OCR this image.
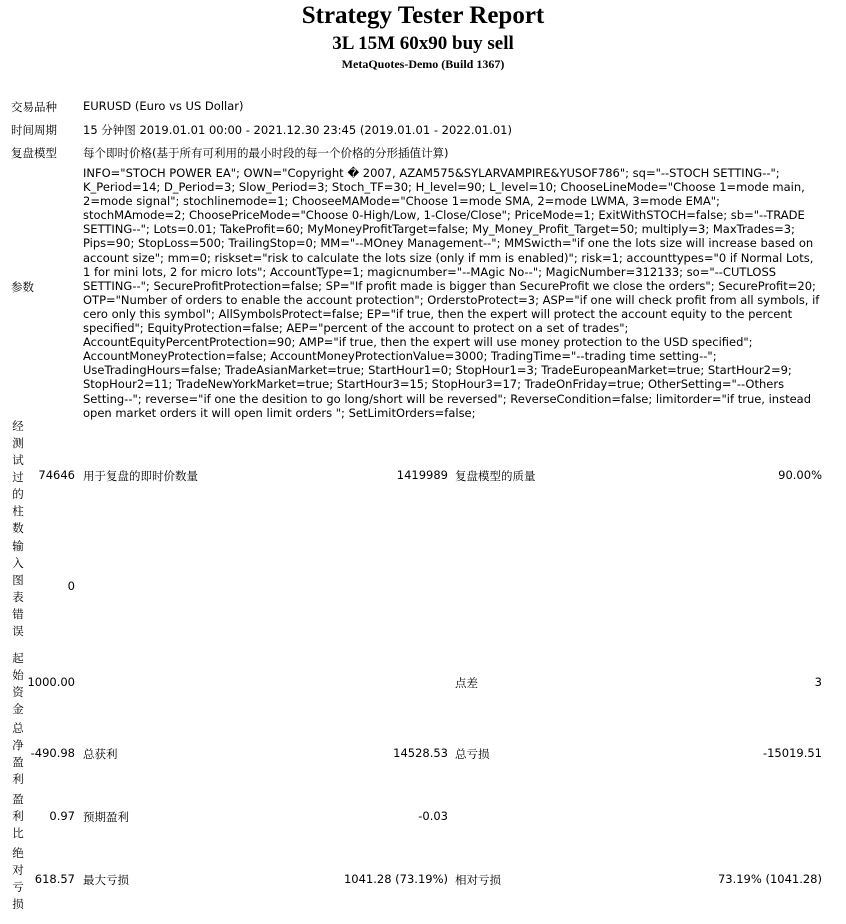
Strategy Tester Report
3L 15M 60x90 buy sell
MetaQuotes-Demo (Build 1367)
交易品种 EURUSD (Euro vs US Dollar)
时间周期 15 分钟图 2019.01.01 00:00 - 2021.12.30 23:45 (2019.01.01 - 2022.01.01)
复盘模型 每个即时价格(基于所有可利用的最小时段的每一个价格的分形插值计算)
参数
INFO="STOCH POWER EA"; OWN="Copyright � 2007, AZAM575&SYLARVAMPIRE&YUSOF786"; sq="--STOCH SETTING--"; K_Period=14; D_Period=3; Slow_Period=3; Stoch_TF=30; H_level=90; L_level=10; ChooseLineMode="Choose 1=mode main, 2=mode signal"; stochlinemode=1; ChooseeMAMode="Choose 1=mode SMA, 2=mode LWMA, 3=mode EMA"; stochMAmode=2; ChoosePriceMode="Choose 0-High/Low, 1-Close/Close"; PriceMode=1; ExitWithSTOCH=false; sb="--TRADE SETTING--"; Lots=0.01; TakeProfit=60; MyMoneyProfitTarget=false; My_Money_Profit_Target=50; multiply=3; MaxTrades=3; Pips=90; StopLoss=500; TrailingStop=0; MM="--MOney Management--"; MMSwicth="if one the lots size will increase based on account size"; mm=0; riskset="risk to calculate the lots size (only if mm is enabled)"; risk=1; accounttypes="0 if Normal Lots, 1 for mini lots, 2 for micro lots"; AccountType=1; magicnumber="--MAgic No--"; MagicNumber=312133; so="--CUTLOSS SETTING--"; SecureProfitProtection=false; SP="If profit made is bigger than SecureProfit we close the orders"; SecureProfit=20; OTP="Number of orders to enable the account protection"; OrderstoProtect=3; ASP="if one will check profit from all symbols, if cero only this symbol"; AllSymbolsProtect=false; EP="if true, then the expert will protect the account equity to the percent specified"; EquityProtection=false; AEP="percent of the account to protect on a set of trades"; AccountEquityPercentProtection=90; AMP="if true, then the expert will use money protection to the USD specified"; AccountMoneyProtection=false; AccountMoneyProtectionValue=3000; TradingTime="--trading time setting--"; UseTradingHours=false; TradeAsianMarket=true; StartHour1=0; StopHour1=3; TradeEuropeanMarket=true; StartHour2=9; StopHour2=11; TradeNewYorkMarket=true; StartHour3=15; StopHour3=17; TradeOnFriday=true; OtherSetting="--Others Setting--"; reverse="if one the desition to go long/short will be reversed"; ReverseCondition=false; limitorder="if true, instead open market orders it will open limit orders "; SetLimitOrders=false;
经测试过的柱数
74646 用于复盘的即时价数量	1419989 复盘模型的质量	90.00%
输入图表错误
0
起始资金
1000.00	点差	3
总净盈利
-490.98 总获利	14528.53 总亏损	-15019.51
盈利比
0.97 预期盈利	-0.03
绝对亏损
618.57 最大亏损	1041.28 (73.19%) 相对亏损	73.19% (1041.28)
